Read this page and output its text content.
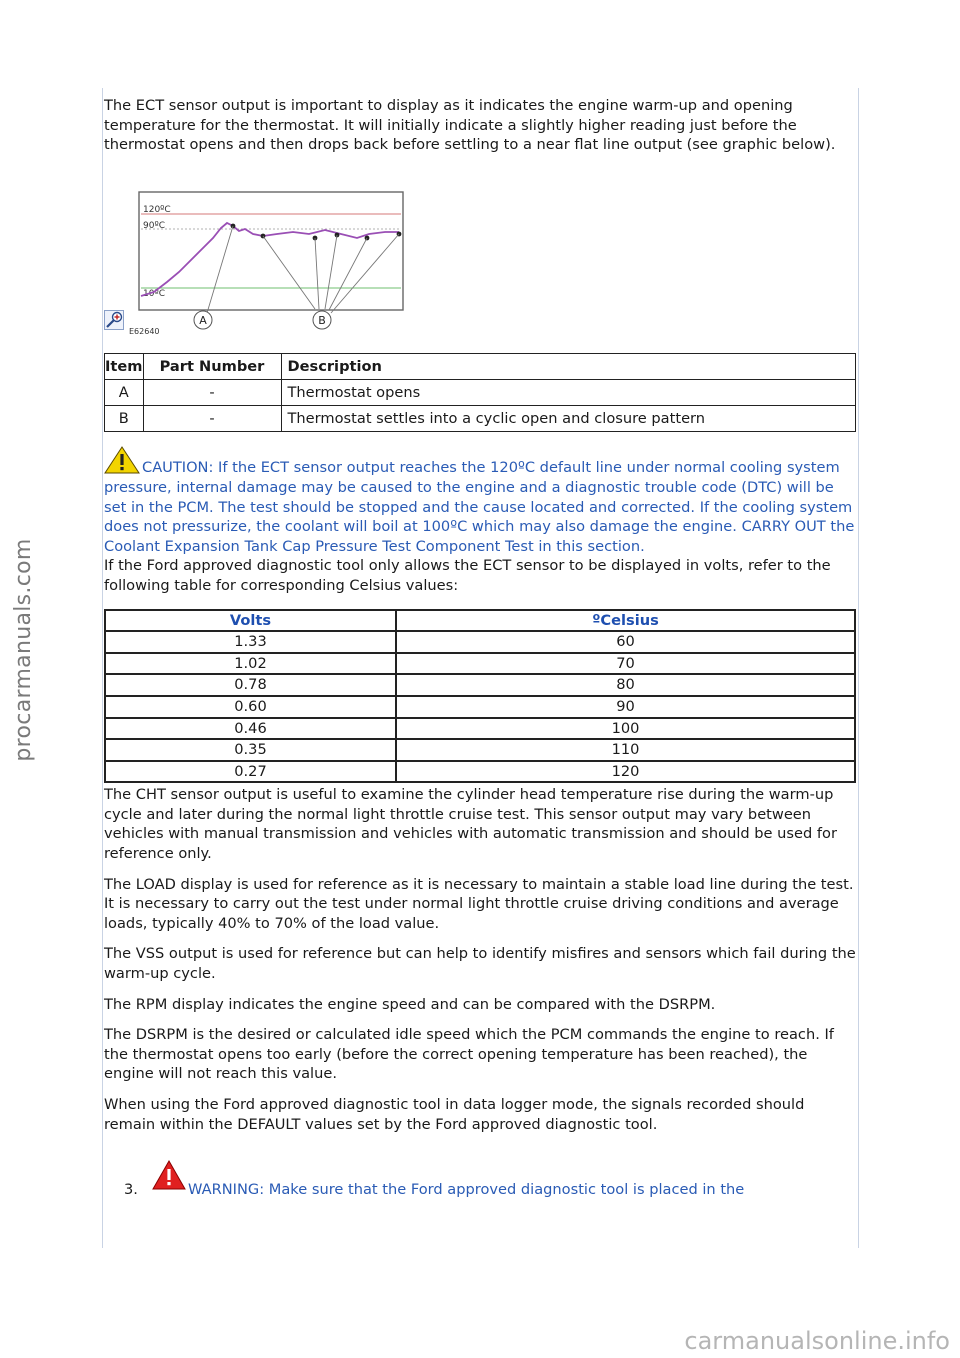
procarmanuals.com
carmanualsonline.info

The ECT sensor output is important to display as it indicates the engine warm-up and opening temperature for the thermostat. It will initially indicate a slightly higher reading just before the thermostat opens and then drops back before settling to a near flat line output (see graphic below).

120ºC
90ºC
10ºC
A	B
E62640
Item	Part Number	Description
A	-	Thermostat opens
B	-	Thermostat settles into a cyclic open and closure pattern

CAUTION: If the ECT sensor output reaches the 120ºC default line under normal cooling system pressure, internal damage may be caused to the engine and a diagnostic trouble code (DTC) will be set in the PCM. The test should be stopped and the cause located and corrected. If the cooling system does not pressurize, the coolant will boil at 100ºC which may also damage the engine. CARRY OUT the Coolant Expansion Tank Cap Pressure Test Component Test in this section.

If the Ford approved diagnostic tool only allows the ECT sensor to be displayed in volts, refer to the following table for corresponding Celsius values:

Volts	ºCelsius
1.33	60
1.02	70
0.78	80
0.60	90
0.46	100
0.35	110
0.27	120

The CHT sensor output is useful to examine the cylinder head temperature rise during the warm-up cycle and later during the normal light throttle cruise test. This sensor output may vary between vehicles with manual transmission and vehicles with automatic transmission and should be used for reference only.

The LOAD display is used for reference as it is necessary to maintain a stable load line during the test. It is necessary to carry out the test under normal light throttle cruise driving conditions and average loads, typically 40% to 70% of the load value.

The VSS output is used for reference but can help to identify misfires and sensors which fail during the warm-up cycle.

The RPM display indicates the engine speed and can be compared with the DSRPM.

The DSRPM is the desired or calculated idle speed which the PCM commands the engine to reach. If the thermostat opens too early (before the correct opening temperature has been reached), the engine will not reach this value.

When using the Ford approved diagnostic tool in data logger mode, the signals recorded should remain within the DEFAULT values set by the Ford approved diagnostic tool.

3.	WARNING: Make sure that the Ford approved diagnostic tool is placed in the
